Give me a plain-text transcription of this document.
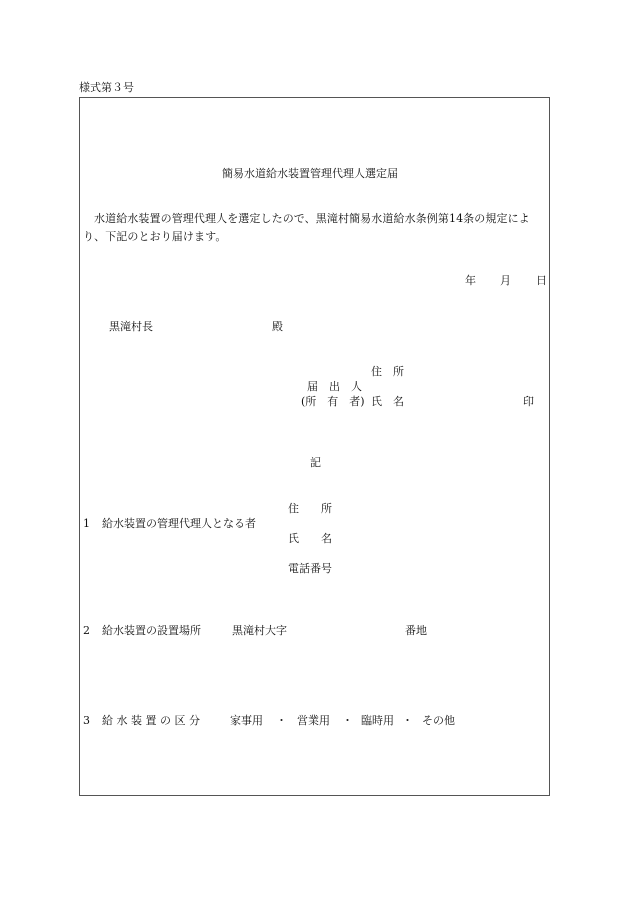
様式第３号
簡易水道給水装置管理代理人選定届
水道給水装置の管理代理人を選定したので、黒滝村簡易水道給水条例第14条の規定により、下記のとおり届けます。
年 月 日
黒滝村長	殿
住　所
届　出　人
(所　有　者) 氏　名	印
記
1 給水装置の管理代理人となる者
住　　所
氏　　名
電話番号
2 給水装置の設置場所	黒滝村大字	番地
3 給 水 装 置 の 区 分	家事用 ・ 営業用 ・ 臨時用 ・ その他
